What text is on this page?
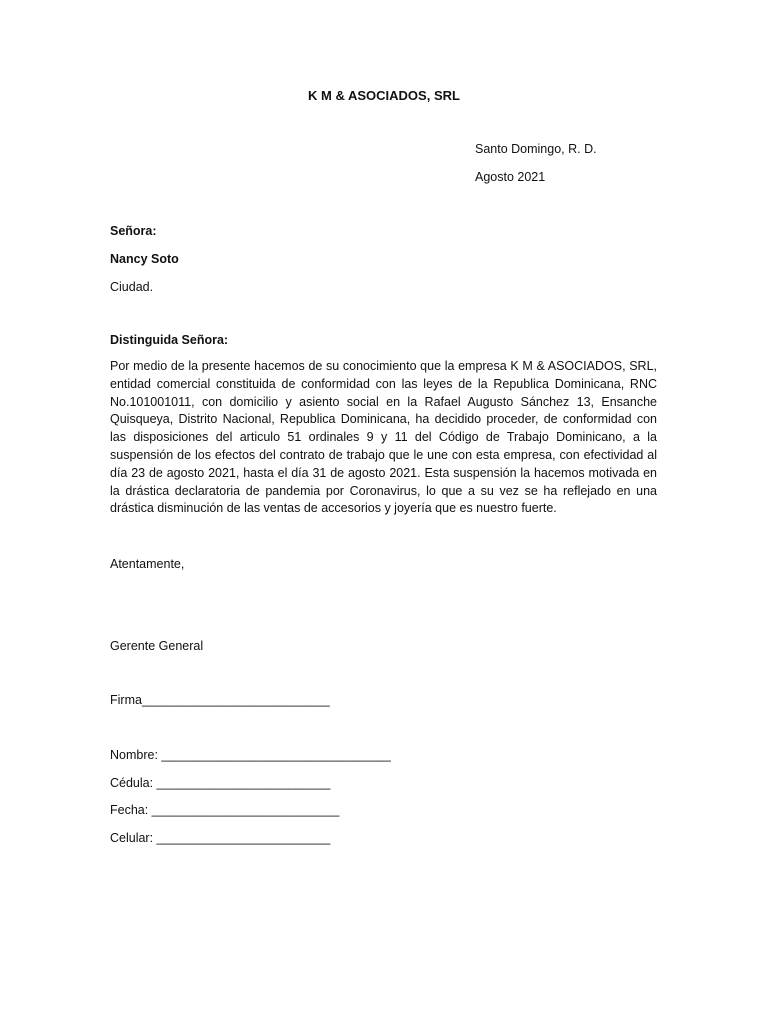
K M & ASOCIADOS, SRL
Santo Domingo, R. D.
Agosto 2021
Señora:
Nancy Soto
Ciudad.
Distinguida Señora:
Por medio de la presente hacemos de su conocimiento que la empresa K M & ASOCIADOS, SRL, entidad comercial constituida de conformidad con las leyes de la Republica Dominicana, RNC No.101001011, con domicilio y asiento social en la Rafael Augusto Sánchez 13, Ensanche Quisqueya, Distrito Nacional, Republica Dominicana, ha decidido proceder, de conformidad con las disposiciones del articulo 51 ordinales 9 y 11 del Código de Trabajo Dominicano, a la suspensión de los efectos del contrato de trabajo que le une con esta empresa, con efectividad al día 23 de agosto 2021, hasta el día 31 de agosto 2021. Esta suspensión la hacemos motivada en la drástica declaratoria de pandemia por Coronavirus, lo que a su vez se ha reflejado en una drástica disminución de las ventas de accesorios y joyería que es nuestro fuerte.
Atentamente,
Gerente General
Firma___________________________
Nombre: _________________________________
Cédula: _________________________
Fecha: ___________________________
Celular: _________________________
